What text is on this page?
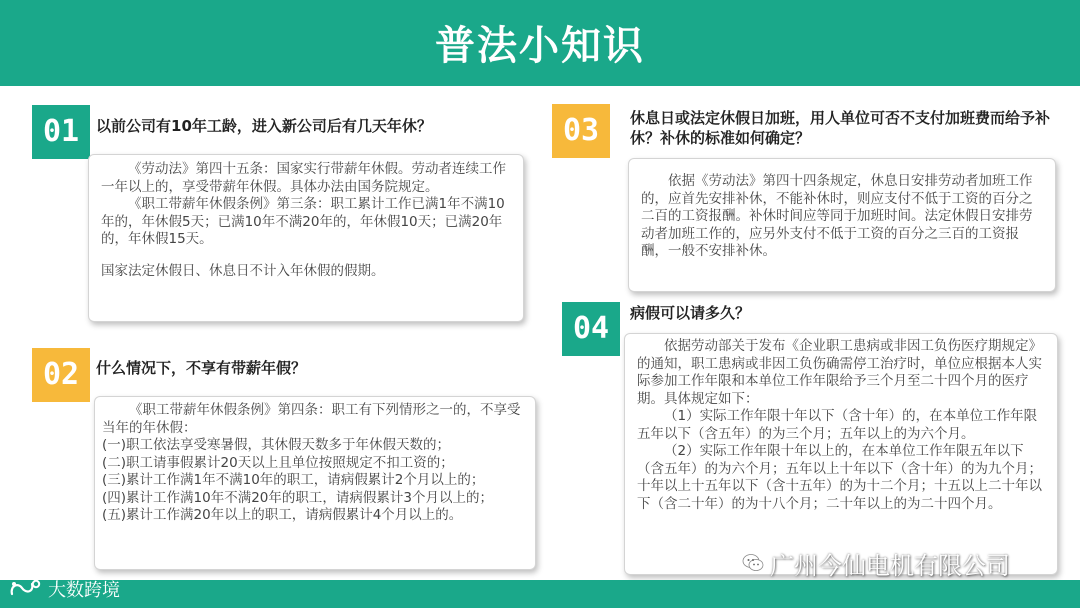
普法小知识
01	以前公司有10年工龄，进入新公司后有几天年休？

《劳动法》第四十五条：国家实行带薪年休假。劳动者连续工作一年以上的，享受带薪年休假。具体办法由国务院规定。

《职工带薪年休假条例》第三条：职工累计工作已满1年不满10年的，年休假5天；已满10年不满20年的，年休假10天；已满20年的，年休假15天。

国家法定休假日、休息日不计入年休假的假期。

02	什么情况下，不享有带薪年假？

《职工带薪年休假条例》第四条：职工有下列情形之一的，不享受当年的年休假：

(一)职工依法享受寒暑假，其休假天数多于年休假天数的；

(二)职工请事假累计20天以上且单位按照规定不扣工资的；

(三)累计工作满1年不满10年的职工，请病假累计2个月以上的；

(四)累计工作满10年不满20年的职工，请病假累计3个月以上的；

(五)累计工作满20年以上的职工，请病假累计4个月以上的。

03	休息日或法定休假日加班，用人单位可否不支付加班费而给予补休？补休的标准如何确定？

依据《劳动法》第四十四条规定，休息日安排劳动者加班工作的，应首先安排补休，不能补休时，则应支付不低于工资的百分之二百的工资报酬。补休时间应等同于加班时间。法定休假日安排劳动者加班工作的，应另外支付不低于工资的百分之三百的工资报酬，一般不安排补休。

04	病假可以请多久？

依据劳动部关于发布《企业职工患病或非因工负伤医疗期规定》的通知，职工患病或非因工负伤确需停工治疗时，单位应根据本人实际参加工作年限和本单位工作年限给予三个月至二十四个月的医疗期。具体规定如下：

（1）实际工作年限十年以下（含十年）的，在本单位工作年限五年以下（含五年）的为三个月；五年以上的为六个月。

（2）实际工作年限十年以上的，在本单位工作年限五年以下（含五年）的为六个月；五年以上十年以下（含十年）的为九个月；十年以上十五年以下（含十五年）的为十二个月；十五以上二十年以下（含二十年）的为十八个月；二十年以上的为二十四个月。

大数跨境
广州今仙电机有限公司
